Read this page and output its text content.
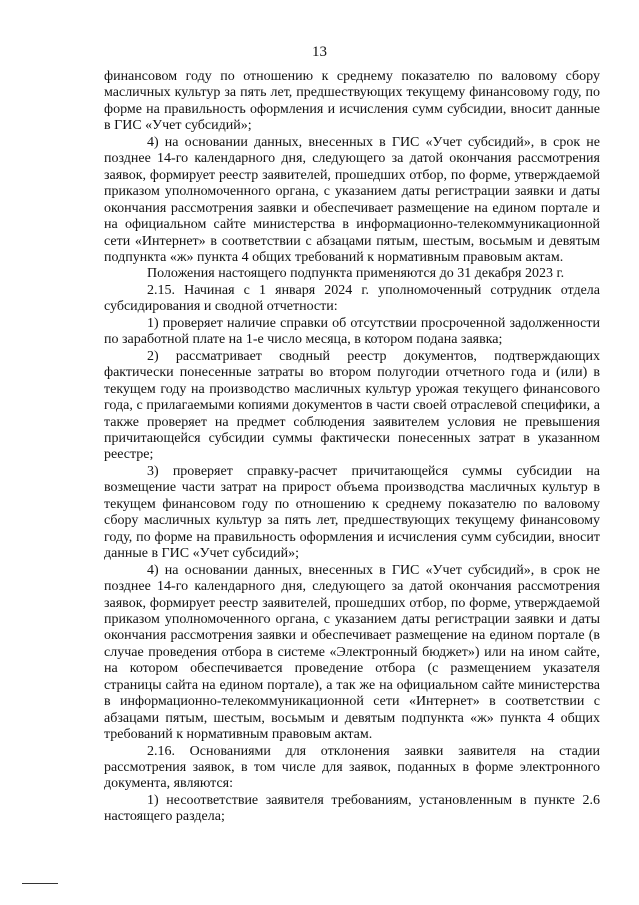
13

финансовом году по отношению к среднему показателю по валовому сбору масличных культур за пять лет, предшествующих текущему финансовому году, по форме на правильность оформления и исчисления сумм субсидии, вносит данные в ГИС «Учет субсидий»;

4) на основании данных, внесенных в ГИС «Учет субсидий», в срок не позднее 14-го календарного дня, следующего за датой окончания рассмотрения заявок, формирует реестр заявителей, прошедших отбор, по форме, утверждаемой приказом уполномоченного органа, с указанием даты регистрации заявки и даты окончания рассмотрения заявки и обеспечивает размещение на едином портале и на официальном сайте министерства в информационно-телекоммуникационной сети «Интернет» в соответствии с абзацами пятым, шестым, восьмым и девятым подпункта «ж» пункта 4 общих требований к нормативным правовым актам.

Положения настоящего подпункта применяются до 31 декабря 2023 г.

2.15. Начиная с 1 января 2024 г. уполномоченный сотрудник отдела субсидирования и сводной отчетности:

1) проверяет наличие справки об отсутствии просроченной задолженности по заработной плате на 1-е число месяца, в котором подана заявка;

2) рассматривает сводный реестр документов, подтверждающих фактически понесенные затраты во втором полугодии отчетного года и (или) в текущем году на производство масличных культур урожая текущего финансового года, с прилагаемыми копиями документов в части своей отраслевой специфики, а также проверяет на предмет соблюдения заявителем условия не превышения причитающейся субсидии суммы фактически понесенных затрат в указанном реестре;

3) проверяет справку-расчет причитающейся суммы субсидии на возмещение части затрат на прирост объема производства масличных культур в текущем финансовом году по отношению к среднему показателю по валовому сбору масличных культур за пять лет, предшествующих текущему финансовому году, по форме на правильность оформления и исчисления сумм субсидии, вносит данные в ГИС «Учет субсидий»;

4) на основании данных, внесенных в ГИС «Учет субсидий», в срок не позднее 14-го календарного дня, следующего за датой окончания рассмотрения заявок, формирует реестр заявителей, прошедших отбор, по форме, утверждаемой приказом уполномоченного органа, с указанием даты регистрации заявки и даты окончания рассмотрения заявки и обеспечивает размещение на едином портале (в случае проведения отбора в системе «Электронный бюджет») или на ином сайте, на котором обеспечивается проведение отбора (с размещением указателя страницы сайта на едином портале), а так же на официальном сайте министерства в информационно-телекоммуникационной сети «Интернет» в соответствии с абзацами пятым, шестым, восьмым и девятым подпункта «ж» пункта 4 общих требований к нормативным правовым актам.

2.16. Основаниями для отклонения заявки заявителя на стадии рассмотрения заявок, в том числе для заявок, поданных в форме электронного документа, являются:

1) несоответствие заявителя требованиям, установленным в пункте 2.6 настоящего раздела;
